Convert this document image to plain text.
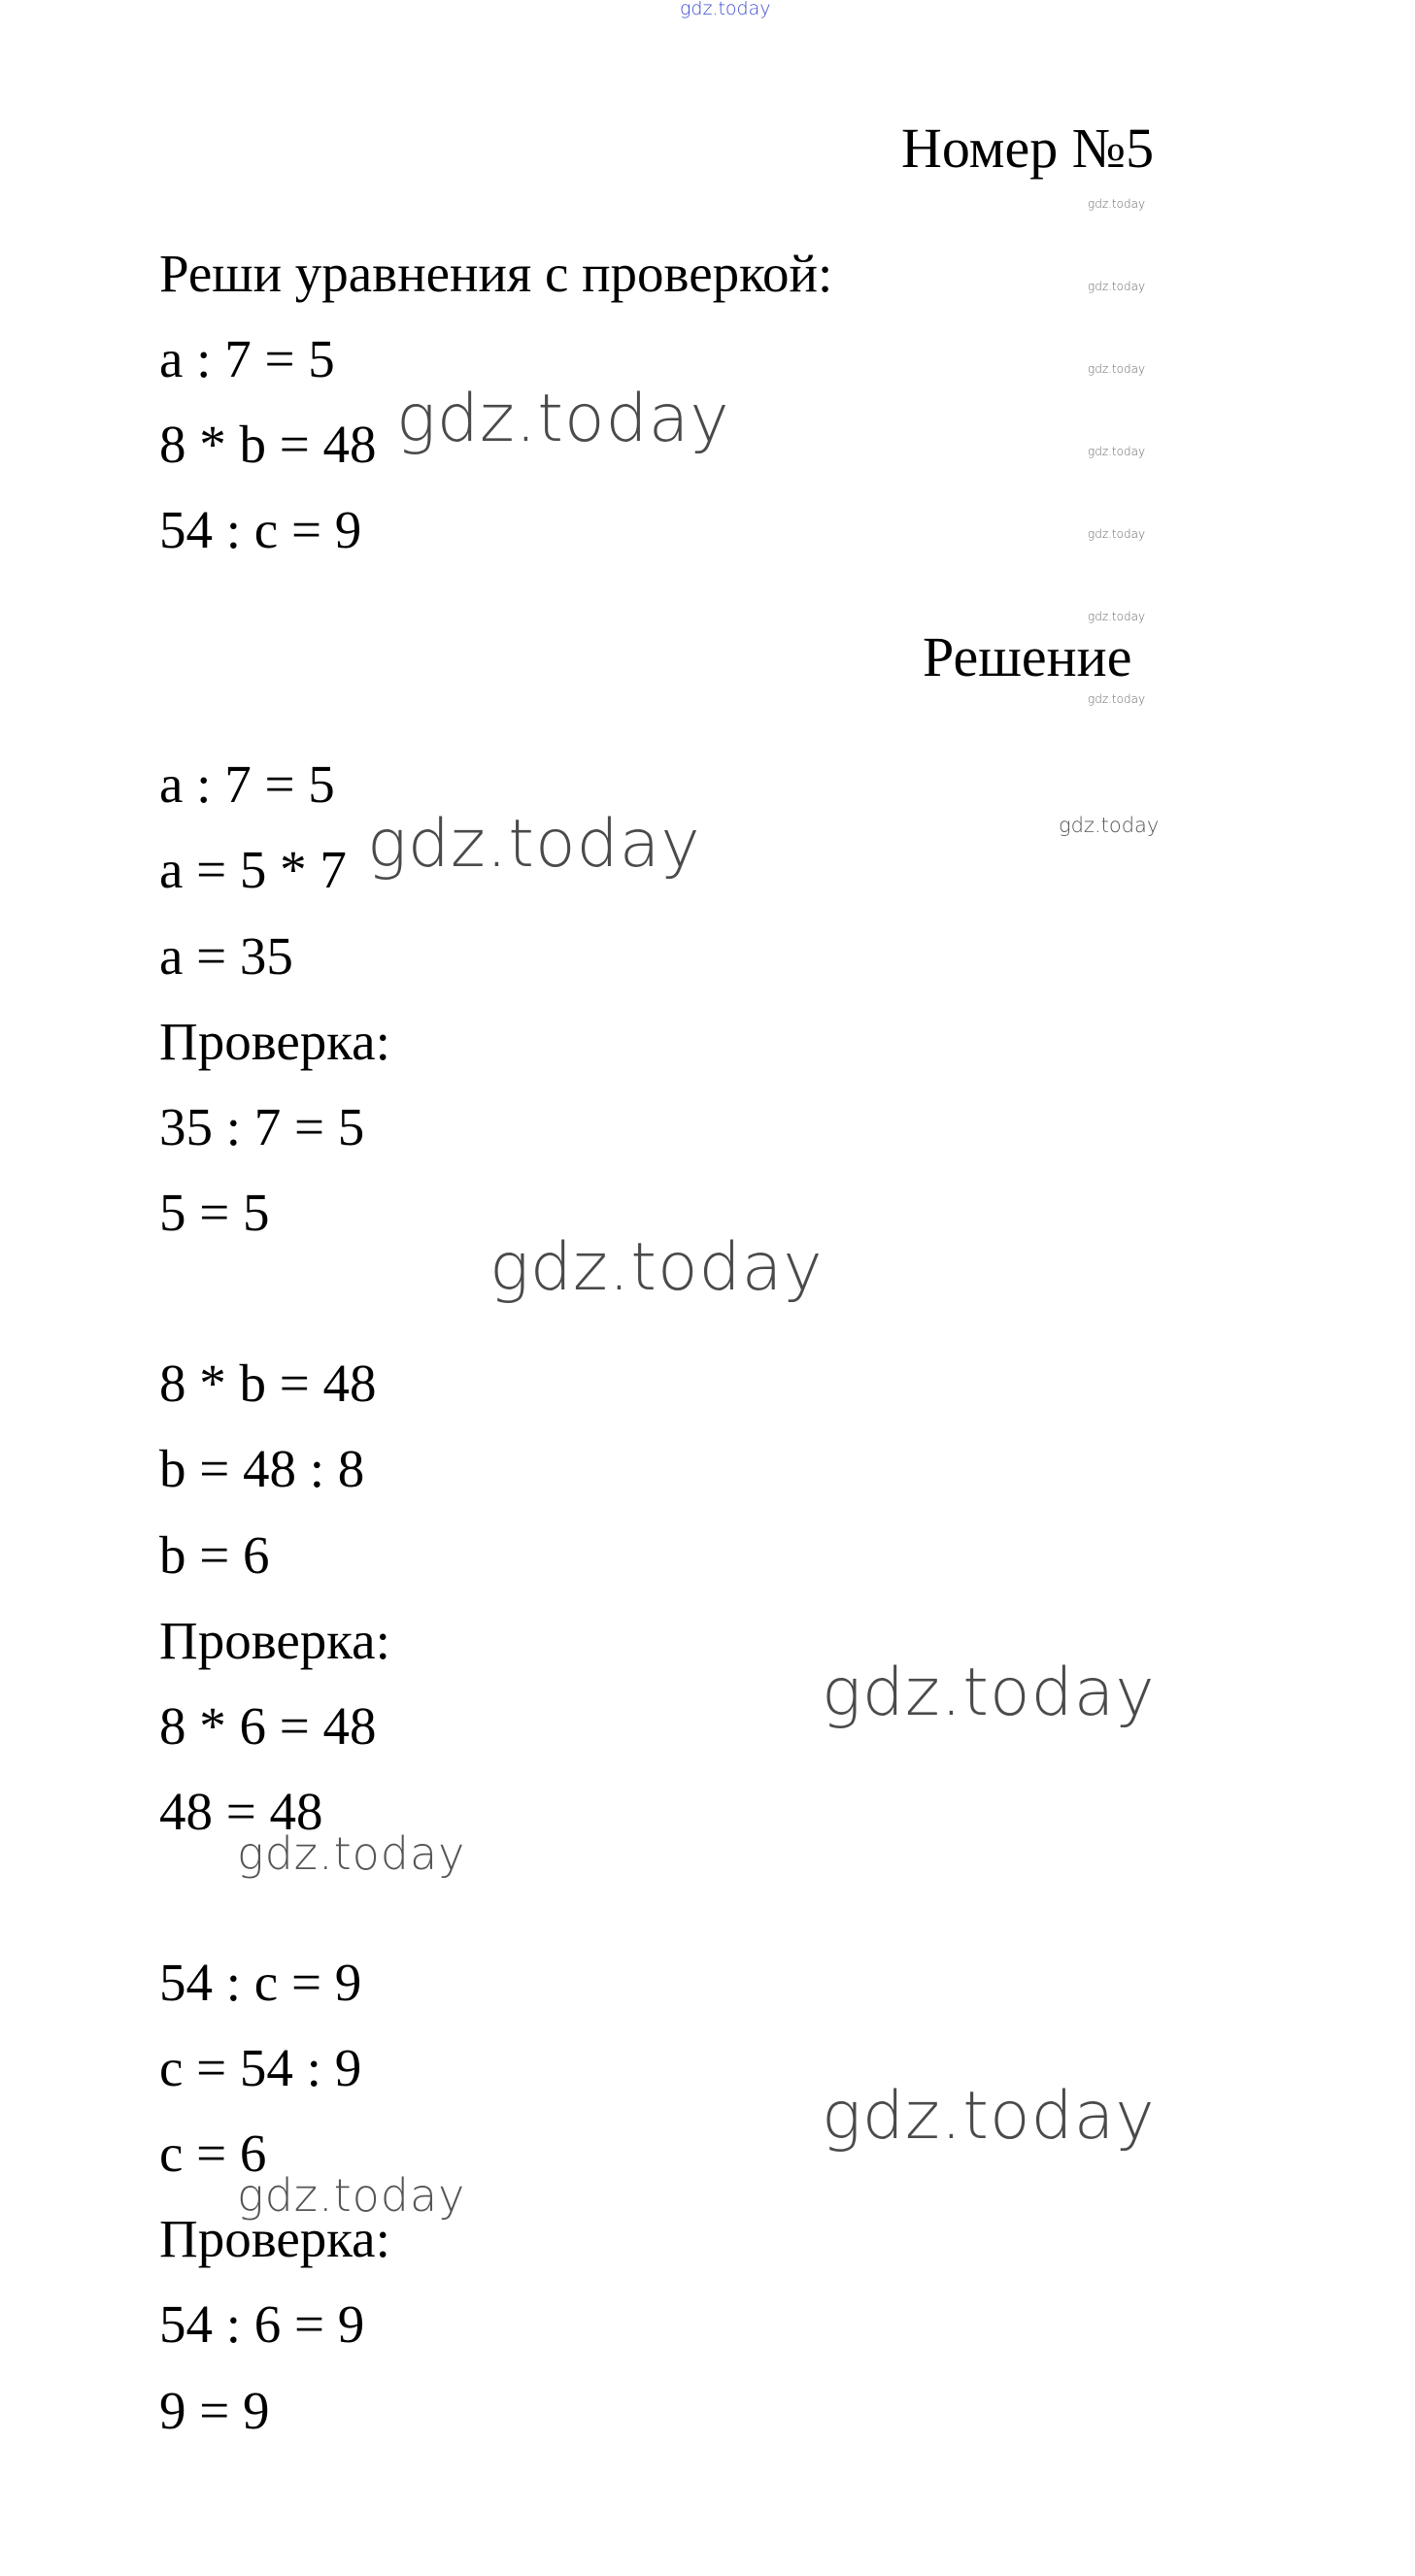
gdz.today
Номер №5
Реши уравнения с проверкой:
a : 7 = 5
8 * b = 48
54 : c = 9
Решение
a : 7 = 5
a = 5 * 7
a = 35
Проверка:
35 : 7 = 5
5 = 5
8 * b = 48
b = 48 : 8
b = 6
Проверка:
8 * 6 = 48
48 = 48
54 : c = 9
c = 54 : 9
c = 6
Проверка:
54 : 6 = 9
9 = 9
gdz.today
gdz.today
gdz.today
gdz.today
gdz.today
gdz.today
gdz.today
gdz.today
gdz.today
gdz.today
gdz.today
gdz.today
gdz.today
gdz.today
gdz.today
